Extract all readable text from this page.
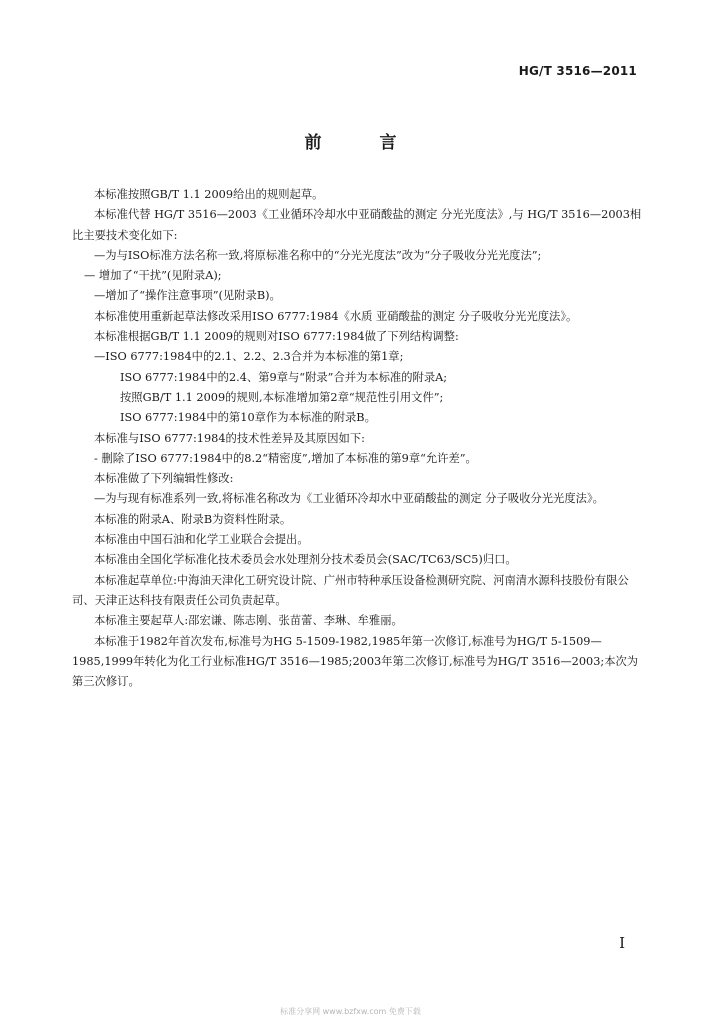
HG/T 3516—2011
前 言

本标准按照GB/T 1.1 2009给出的规则起草。

本标准代替 HG/T 3516—2003《工业循环冷却水中亚硝酸盐的测定 分光光度法》,与 HG/T 3516—2003相比主要技术变化如下:

—为与ISO标准方法名称一致,将原标准名称中的“分光光度法”改为“分子吸收分光光度法”;

— 增加了“干扰”(见附录A);

—增加了“操作注意事项”(见附录B)。

本标准使用重新起草法修改采用ISO 6777:1984《水质 亚硝酸盐的测定 分子吸收分光光度法》。

本标准根据GB/T 1.1 2009的规则对ISO 6777:1984做了下列结构调整:

—ISO 6777:1984中的2.1、2.2、2.3合并为本标准的第1章;

ISO 6777:1984中的2.4、第9章与“附录”合并为本标准的附录A;

按照GB/T 1.1 2009的规则,本标准增加第2章“规范性引用文件”;

ISO 6777:1984中的第10章作为本标准的附录B。

本标准与ISO 6777:1984的技术性差异及其原因如下:

- 删除了ISO 6777:1984中的8.2“精密度”,增加了本标准的第9章“允许差”。

本标准做了下列编辑性修改:

—为与现有标准系列一致,将标准名称改为《工业循环冷却水中亚硝酸盐的测定 分子吸收分光光度法》。

本标准的附录A、附录B为资料性附录。

本标准由中国石油和化学工业联合会提出。

本标准由全国化学标准化技术委员会水处理剂分技术委员会(SAC/TC63/SC5)归口。

本标准起草单位:中海油天津化工研究设计院、广州市特种承压设备检测研究院、河南清水源科技股份有限公司、天津正达科技有限责任公司负责起草。

本标准主要起草人:邵宏谦、陈志刚、张苗蕾、李琳、牟雅丽。

本标准于1982年首次发布,标准号为HG 5-1509-1982,1985年第一次修订,标准号为HG/T 5-1509—1985,1999年转化为化工行业标准HG/T 3516—1985;2003年第二次修订,标准号为HG/T 3516—2003;本次为第三次修订。

I
标准分享网 www.bzfxw.com 免费下载
